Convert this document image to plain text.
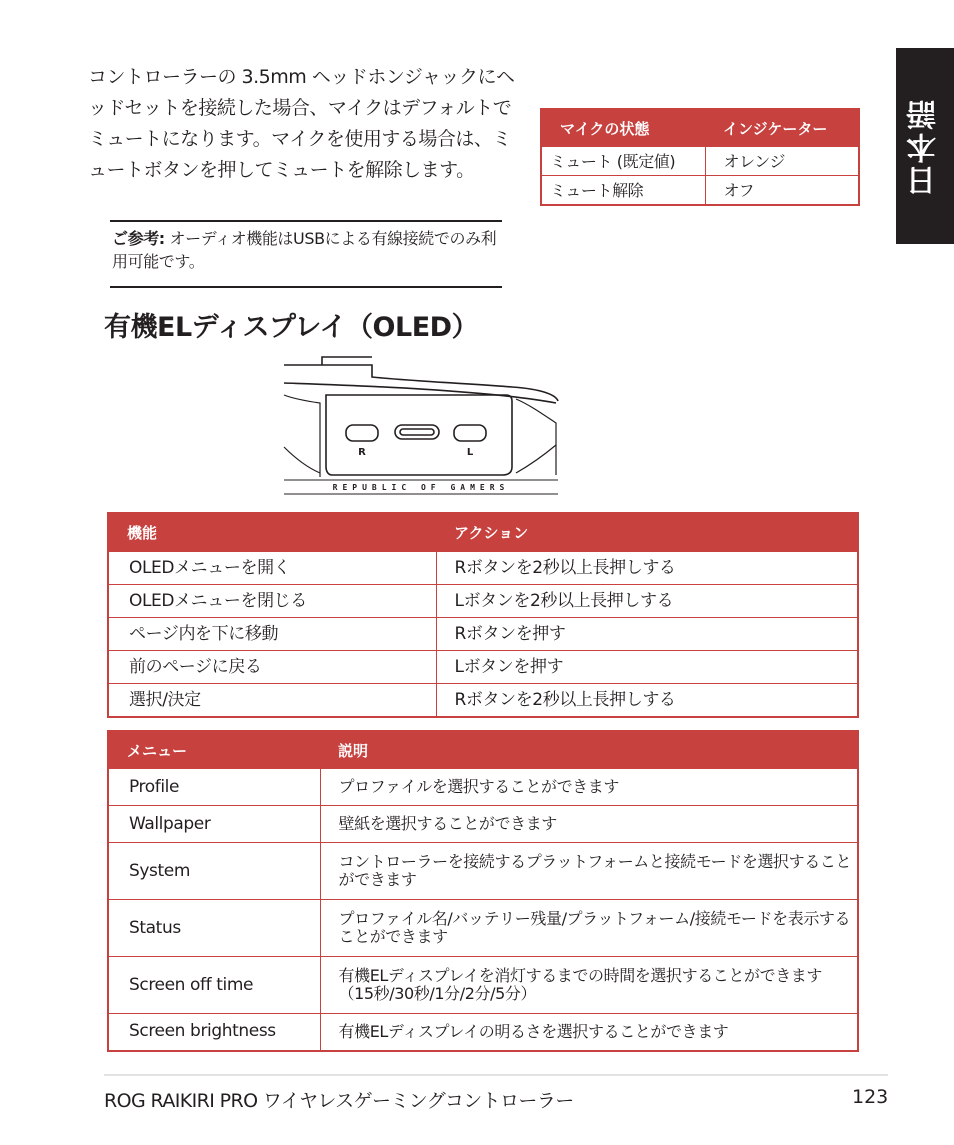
日本語
コントローラーの 3.5mm ヘッドホンジャックにヘッドセットを接続した場合、マイクはデフォルトでミュートになります。マイクを使用する場合は、ミュートボタンを押してミュートを解除します。
ご参考: オーディオ機能はUSBによる有線接続でのみ利用可能です。
マイクの状態	インジケーター
ミュート (既定値)	オレンジ
ミュート解除	オフ
有機ELディスプレイ（OLED）
R	L
REPUBLIC OF GAMERS
機能	アクション
OLEDメニューを開く	Rボタンを2秒以上長押しする
OLEDメニューを閉じる	Lボタンを2秒以上長押しする
ページ内を下に移動	Rボタンを押す
前のページに戻る	Lボタンを押す
選択/決定	Rボタンを2秒以上長押しする
メニュー	説明
Profile	プロファイルを選択することができます
Wallpaper	壁紙を選択することができます
System	コントローラーを接続するプラットフォームと接続モードを選択することができます
Status	プロファイル名/バッテリー残量/プラットフォーム/接続モードを表示することができます
Screen off time	有機ELディスプレイを消灯するまでの時間を選択することができます（15秒/30秒/1分/2分/5分）
Screen brightness	有機ELディスプレイの明るさを選択することができます
ROG RAIKIRI PRO ワイヤレスゲーミングコントローラー	123
